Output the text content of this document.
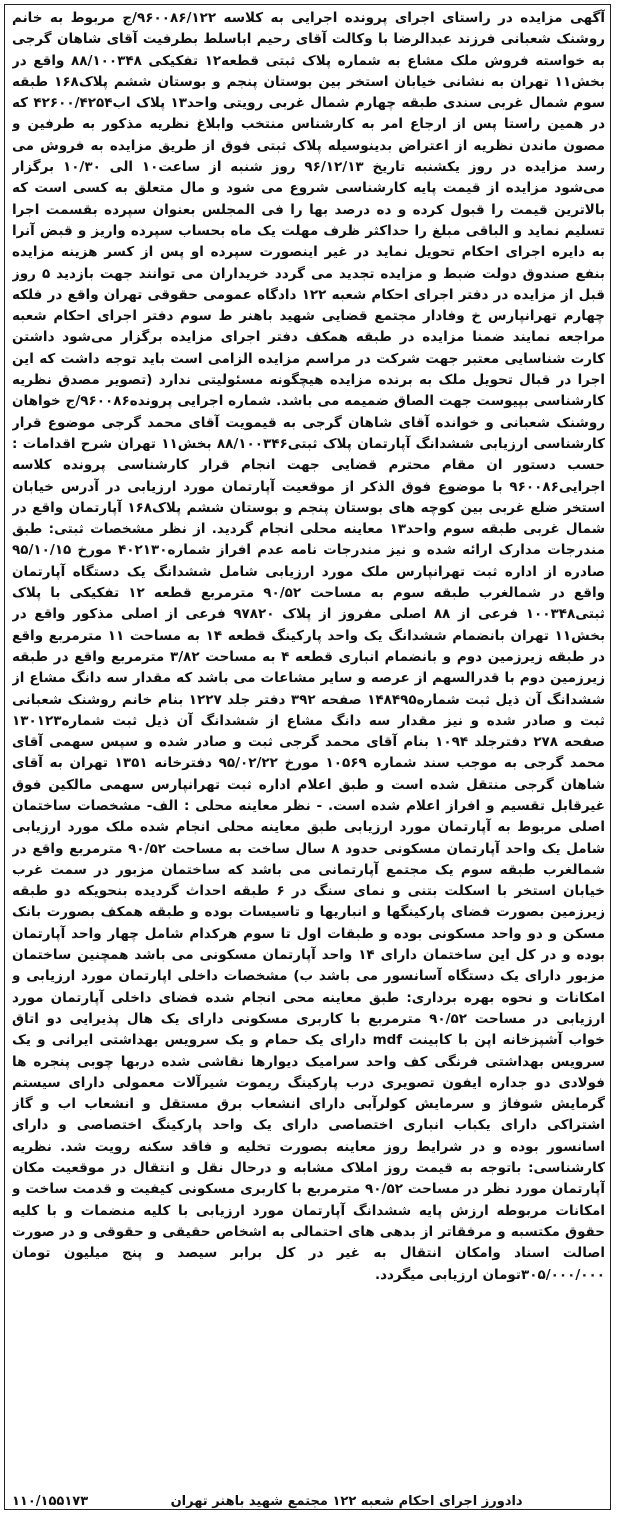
آگهی مزایده در راستای اجرای پرونده اجرایی به کلاسه ۹۶۰۰۸۶/۱۲۲/ج مربوط به خانم روشنک شعبانی فرزند عبدالرضا با وکالت آقای رحیم اباسلط بطرفیت آقای شاهان گرجی به خواسته فروش ملک مشاع به شماره پلاک ثبتی قطعه۱۲ تفکیکی ۸۸/۱۰۰۳۴۸ واقع در بخش۱۱ تهران به نشانی خیابان استخر بین بوستان پنجم و بوستان ششم پلاک۱۶۸ طبقه سوم شمال غربی سندی طبقه چهارم شمال غربی رویتی واحد۱۳ پلاک اب۴۲۶۰۰/۴۲۵۴ که در همین راستا پس از ارجاع امر به کارشناس منتخب وابلاغ نظریه مذکور به طرفین و مصون ماندن نظریه از اعتراض بدینوسیله پلاک ثبتی فوق از طریق مزایده به فروش می رسد مزایده در روز یکشنبه تاریخ ۹۶/۱۲/۱۳ روز شنبه از ساعت۱۰ الی ۱۰/۳۰ برگزار می‌شود مزایده از قیمت پایه کارشناسی شروع می شود و مال متعلق به کسی است که بالاترین قیمت را قبول کرده و ده درصد بها را فی المجلس بعنوان سپرده بقسمت اجرا تسلیم نماید و الباقی مبلغ را حداکثر ظرف مهلت یک ماه بحساب سپرده واریز و قبض آنرا به دایره اجرای احکام تحویل نماید در غیر اینصورت سپرده او پس از کسر هزینه مزایده بنفع صندوق دولت ضبط و مزایده تجدید می گردد خریداران می توانند جهت بازدید ۵ روز قبل از مزایده در دفتر اجرای احکام شعبه ۱۲۲ دادگاه عمومی حقوقی تهران واقع در فلکه چهارم تهرانپارس خ وفادار مجتمع قضایی شهید باهنر ط سوم دفتر اجرای احکام شعبه مراجعه نمایند ضمنا مزایده در طبقه همکف دفتر اجرای مزایده برگزار می‌شود داشتن کارت شناسایی معتبر جهت شرکت در مراسم مزایده الزامی است باید توجه داشت که این اجرا در قبال تحویل ملک به برنده مزایده هیچگونه مسئولیتی ندارد (تصویر مصدق نظریه کارشناسی بپیوست جهت الصاق ضمیمه می باشد. شماره اجرایی پرونده۹۶۰۰۸۶/ج خواهان روشنک شعبانی و خوانده آقای شاهان گرجی به قیمویت آقای محمد گرجی موضوع قرار کارشناسی ارزیابی ششدانگ آپارتمان پلاک ثبتی۸۸/۱۰۰۳۴۶ بخش۱۱ تهران شرح اقدامات : حسب دستور ان مقام محترم قضایی جهت انجام قرار کارشناسی پرونده کلاسه اجرایی۹۶۰۰۸۶ با موضوع فوق الذکر از موقعیت آپارتمان مورد ارزیابی در آدرس خیابان استخر ضلع غربی بین کوچه های بوستان پنجم و بوستان ششم پلاک۱۶۸ آپارتمان واقع در شمال غربی طبقه سوم واحد۱۳ معاینه محلی انجام گردید. از نظر مشخصات ثبتی: طبق مندرجات مدارک ارائه شده و نیز مندرجات نامه عدم افراز شماره۴۰۲۱۳۰ مورخ ۹۵/۱۰/۱۵ صادره از اداره ثبت تهرانپارس ملک مورد ارزیابی شامل ششدانگ یک دستگاه آپارتمان واقع در شمالغرب طبقه سوم به مساحت ۹۰/۵۲ مترمربع قطعه ۱۲ تفکیکی با پلاک ثبتی۱۰۰۳۴۸ فرعی از ۸۸ اصلی مفروز از پلاک ۹۷۸۲۰ فرعی از اصلی مذکور واقع در بخش۱۱ تهران بانضمام ششدانگ یک واحد پارکینگ قطعه ۱۴ به مساحت ۱۱ مترمربع واقع در طبقه زیرزمین دوم و بانضمام انباری قطعه ۴ به مساحت ۳/۸۲ مترمربع واقع در طبقه زیرزمین دوم با قدرالسهم از عرصه و سایر مشاعات می باشد که مقدار سه دانگ مشاع از ششدانگ آن ذیل ثبت شماره۱۴۸۴۹۵ صفحه ۳۹۲ دفتر جلد ۱۲۲۷ بنام خانم روشنک شعبانی ثبت و صادر شده و نیز مقدار سه دانگ مشاع از ششدانگ آن ذیل ثبت شماره۱۳۰۱۲۳ صفحه ۲۷۸ دفترجلد ۱۰۹۴ بنام آقای محمد گرجی ثبت و صادر شده و سپس سهمی آقای محمد گرجی به موجب سند شماره ۱۰۵۶۹ مورخ ۹۵/۰۲/۲۲ دفترخانه ۱۳۵۱ تهران به آقای شاهان گرجی منتقل شده است و طبق اعلام اداره ثبت تهرانپارس سهمی مالکین فوق غیرقابل تقسیم و افراز اعلام شده است. - نظر معاینه محلی : الف- مشخصات ساختمان اصلی مربوط به آپارتمان مورد ارزیابی طبق معاینه محلی انجام شده ملک مورد ارزیابی شامل یک واحد آپارتمان مسکونی حدود ۸ سال ساخت به مساحت ۹۰/۵۲ مترمربع واقع در شمالغرب طبقه سوم یک مجتمع آپارتمانی می باشد که ساختمان مزبور در سمت غرب خیابان استخر با اسکلت بتنی و نمای سنگ در ۶ طبقه احداث گردیده بنحویکه دو طبقه زیرزمین بصورت فضای پارکینگها و انباریها و تاسیسات بوده و طبقه همکف بصورت بانک مسکن و دو واحد مسکونی بوده و طبقات اول تا سوم هرکدام شامل چهار واحد آپارتمان بوده و در کل این ساختمان دارای ۱۴ واحد آپارتمان مسکونی می باشد همچنین ساختمان مزبور دارای یک دستگاه آسانسور می باشد ب) مشخصات داخلی اپارتمان مورد ارزیابی و امکانات و نحوه بهره برداری: طبق معاینه محی انجام شده فضای داخلی آپارتمان مورد ارزیابی در مساحت ۹۰/۵۲ مترمربع با کاربری مسکونی دارای یک هال پذیرایی دو اتاق خواب آشپزخانه اپن با کابینت mdf دارای یک حمام و یک سرویس بهداشتی ایرانی و یک سرویس بهداشتی فرنگی کف واحد سرامیک دیوارها نقاشی شده دربها چوبی پنجره ها فولادی دو جداره ایفون تصویری درب پارکینگ ریموت شیرآلات معمولی دارای سیستم گرمایش شوفاژ و سرمایش کولرآبی دارای انشعاب برق مستقل و انشعاب اب و گاز اشتراکی دارای یکباب انباری اختصاصی دارای یک واحد پارکینگ اختصاصی و دارای اسانسور بوده و در شرایط روز معاینه بصورت تخلیه و فاقد سکنه رویت شد. نظریه کارشناسی: باتوجه به قیمت روز املاک مشابه و درحال نقل و انتقال در موقعیت مکان آپارتمان مورد نظر در مساحت ۹۰/۵۲ مترمربع با کاربری مسکونی کیفیت و قدمت ساخت و امکانات مربوطه ارزش پایه ششدانگ آپارتمان مورد ارزیابی با کلیه منضمات و با کلیه حقوق مکتسبه و مرفقاتر از بدهی های احتمالی به اشخاص حقیقی و حقوقی و در صورت اصالت اسناد وامکان انتقال به غیر در کل برابر سیصد و پنج میلیون تومان ۳۰۵/۰۰۰/۰۰۰تومان ارزیابی میگردد.
دادورز اجرای احکام شعبه ۱۲۲ مجتمع شهید باهنر تهران
۱۱۰/۱۵۵۱۷۳
